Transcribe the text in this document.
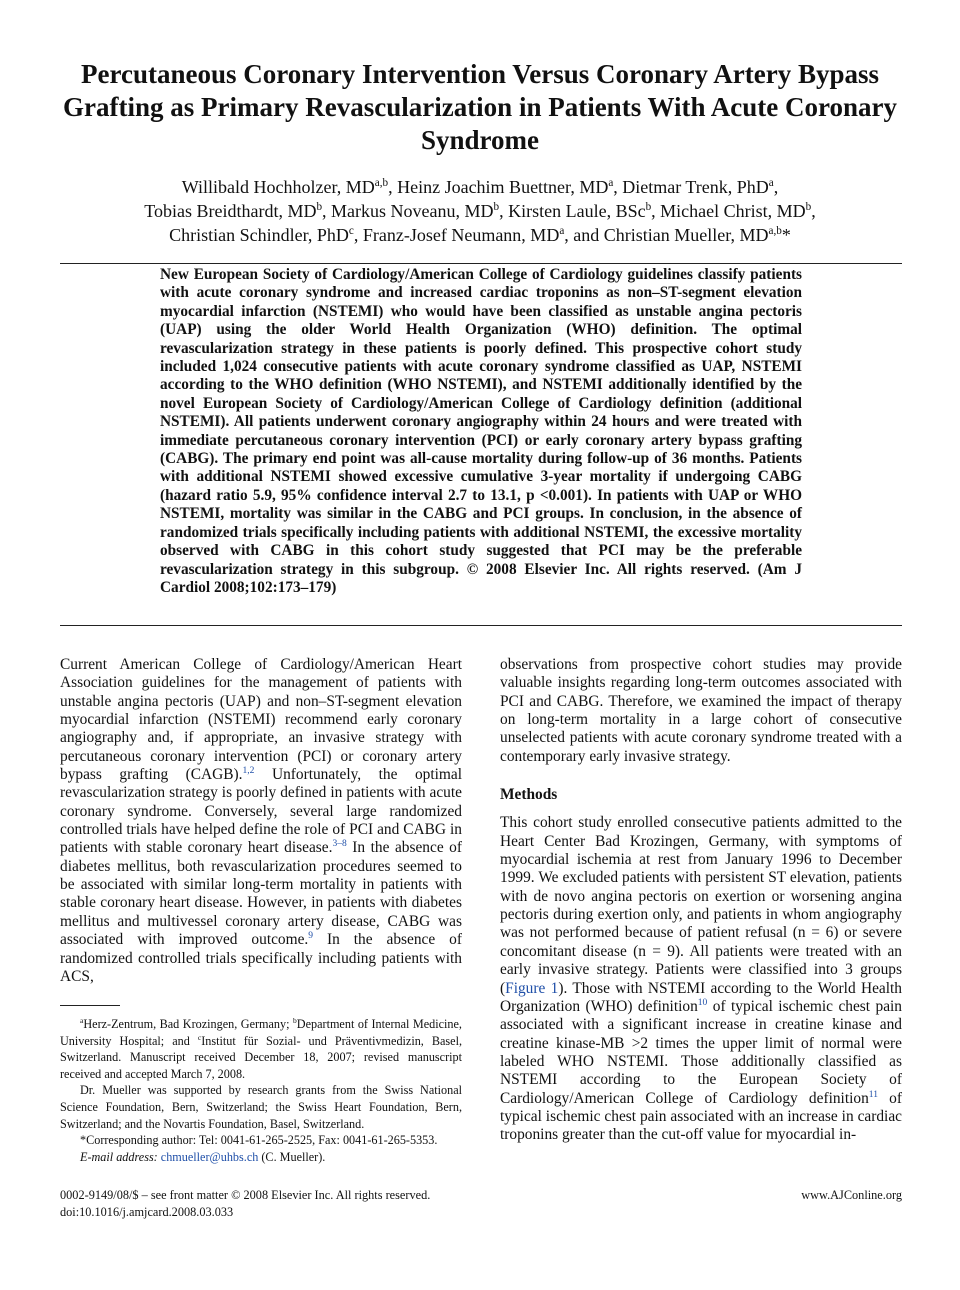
Percutaneous Coronary Intervention Versus Coronary Artery Bypass Grafting as Primary Revascularization in Patients With Acute Coronary Syndrome

Willibald Hochholzer, MD$^{a,b}$, Heinz Joachim Buettner, $MD^a$, Dietmar Trenk, PhD$^a$,
Tobias Breidthardt, $MD^b$, Markus Noveanu, $MD^b$, Kirsten Laule, BSc$^b$, Michael Christ, $MD^b$,
Christian Schindler, PhD$^c$, Franz-Josef Neumann, $MD^a$, and Christian Mueller, MD$^{a,b}$*

New European Society of Cardiology/American College of Cardiology guidelines classify patients with acute coronary syndrome and increased cardiac troponins as non–ST-segment elevation myocardial infarction (NSTEMI) who would have been classified as unstable angina pectoris (UAP) using the older World Health Organization (WHO) definition. The optimal revascularization strategy in these patients is poorly defined. This prospective cohort study included 1,024 consecutive patients with acute coronary syndrome classified as UAP, NSTEMI according to the WHO definition (WHO NSTEMI), and NSTEMI additionally identified by the novel European Society of Cardiology/American College of Cardiology definition (additional NSTEMI). All patients underwent coronary angiography within 24 hours and were treated with immediate percutaneous coronary intervention (PCI) or early coronary artery bypass grafting (CABG). The primary end point was all-cause mortality during follow-up of 36 months. Patients with additional NSTEMI showed excessive cumulative 3-year mortality if undergoing CABG (hazard ratio 5.9, 95% confidence interval 2.7 to 13.1, p <0.001). In patients with UAP or WHO NSTEMI, mortality was similar in the CABG and PCI groups. In conclusion, in the absence of randomized trials specifically including patients with additional NSTEMI, the excessive mortality observed with CABG in this cohort study suggested that PCI may be the preferable revascularization strategy in this subgroup. © 2008 Elsevier Inc. All rights reserved. (Am J Cardiol 2008;102:173–179)

Current American College of Cardiology/American Heart Association guidelines for the management of patients with unstable angina pectoris (UAP) and non–ST-segment elevation myocardial infarction (NSTEMI) recommend early coronary angiography and, if appropriate, an invasive strategy with percutaneous coronary intervention (PCI) or coronary artery bypass grafting (CAGB).$^{1,2}$ Unfortunately, the optimal revascularization strategy is poorly defined in patients with acute coronary syndrome. Conversely, several large randomized controlled trials have helped define the role of PCI and CABG in patients with stable coronary heart disease.$^{3-8}$ In the absence of diabetes mellitus, both revascularization procedures seemed to be associated with similar long-term mortality in patients with stable coronary heart disease. However, in patients with diabetes mellitus and multivessel coronary artery disease, CABG was associated with improved outcome.$^9$ In the absence of randomized controlled trials specifically including patients with ACS,

observations from prospective cohort studies may provide valuable insights regarding long-term outcomes associated with PCI and CABG. Therefore, we examined the impact of therapy on long-term mortality in a large cohort of consecutive unselected patients with acute coronary syndrome treated with a contemporary early invasive strategy.

Methods

This cohort study enrolled consecutive patients admitted to the Heart Center Bad Krozingen, Germany, with symptoms of myocardial ischemia at rest from January 1996 to December 1999. We excluded patients with persistent ST elevation, patients with de novo angina pectoris on exertion or worsening angina pectoris during exertion only, and patients in whom angiography was not performed because of patient refusal (n = 6) or severe concomitant disease (n = 9). All patients were treated with an early invasive strategy. Patients were classified into 3 groups (Figure 1). Those with NSTEMI according to the World Health Organization (WHO) definition$^{10}$ of typical ischemic chest pain associated with a significant increase in creatine kinase and creatine kinase-MB >2 times the upper limit of normal were labeled WHO NSTEMI. Those additionally classified as NSTEMI according to the European Society of Cardiology/American College of Cardiology definition$^{11}$ of typical ischemic chest pain associated with an increase in cardiac troponins greater than the cut-off value for myocardial in-

$^a$Herz-Zentrum, Bad Krozingen, Germany; $^b$Department of Internal Medicine, University Hospital; and $^c$Institut für Sozial- und Präventivmedizin, Basel, Switzerland. Manuscript received December 18, 2007; revised manuscript received and accepted March 7, 2008.

Dr. Mueller was supported by research grants from the Swiss National Science Foundation, Bern, Switzerland; the Swiss Heart Foundation, Bern, Switzerland; and the Novartis Foundation, Basel, Switzerland.

*Corresponding author: Tel: 0041-61-265-2525, Fax: 0041-61-265-5353.

E-mail address: chmueller@uhbs.ch (C. Mueller).

0002-9149/08/$ – see front matter © 2008 Elsevier Inc. All rights reserved.
doi:10.1016/j.amjcard.2008.03.033
www.AJConline.org
